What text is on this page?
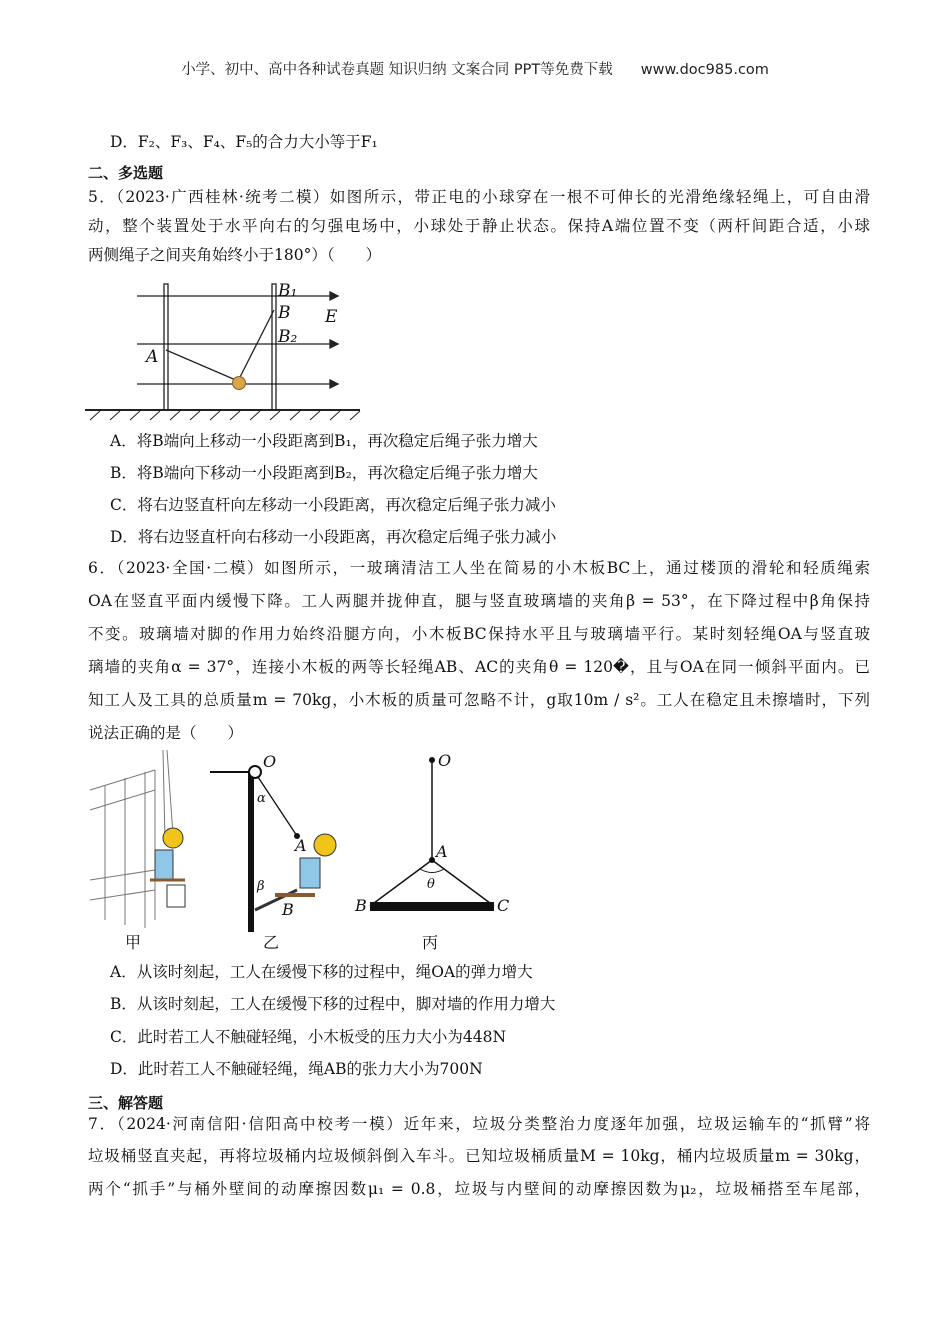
小学、初中、高中各种试卷真题 知识归纳 文案合同 PPT等免费下载 www.doc985.com
D．F₂、F₃、F₄、F₅的合力大小等于F₁
二、多选题
5．（2023·广西桂林·统考二模）如图所示，带正电的小球穿在一根不可伸长的光滑绝缘轻绳上，可自由滑
动，整个装置处于水平向右的匀强电场中，小球处于静止状态。保持A端位置不变（两杆间距合适，小球
两侧绳子之间夹角始终小于180°）（　　）
B₁
B
B₂
E
A
A．将B端向上移动一小段距离到B₁，再次稳定后绳子张力增大
B．将B端向下移动一小段距离到B₂，再次稳定后绳子张力增大
C．将右边竖直杆向左移动一小段距离，再次稳定后绳子张力减小
D．将右边竖直杆向右移动一小段距离，再次稳定后绳子张力减小
6．（2023·全国·二模）如图所示，一玻璃清洁工人坐在简易的小木板BC上，通过楼顶的滑轮和轻质绳索
OA在竖直平面内缓慢下降。工人两腿并拢伸直，腿与竖直玻璃墙的夹角β = 53°，在下降过程中β角保持
不变。玻璃墙对脚的作用力始终沿腿方向，小木板BC保持水平且与玻璃墙平行。某时刻轻绳OA与竖直玻
璃墙的夹角α = 37°，连接小木板的两等长轻绳AB、AC的夹角θ = 120�，且与OA在同一倾斜平面内。已
知工人及工具的总质量m = 70kg，小木板的质量可忽略不计，g取10m / s²。工人在稳定且未擦墙时，下列
说法正确的是（　　）
O
α
A
β
B
O
A
θ
B	C
甲	乙	丙
A．从该时刻起，工人在缓慢下移的过程中，绳OA的弹力增大
B．从该时刻起，工人在缓慢下移的过程中，脚对墙的作用力增大
C．此时若工人不触碰轻绳，小木板受的压力大小为448N
D．此时若工人不触碰轻绳，绳AB的张力大小为700N
三、解答题
7．（2024·河南信阳·信阳高中校考一模）近年来，垃圾分类整治力度逐年加强，垃圾运输车的“抓臂”将
垃圾桶竖直夹起，再将垃圾桶内垃圾倾斜倒入车斗。已知垃圾桶质量M = 10kg，桶内垃圾质量m = 30kg，
两个“抓手”与桶外壁间的动摩擦因数μ₁ = 0.8，垃圾与内壁间的动摩擦因数为μ₂，垃圾桶搭至车尾部，
